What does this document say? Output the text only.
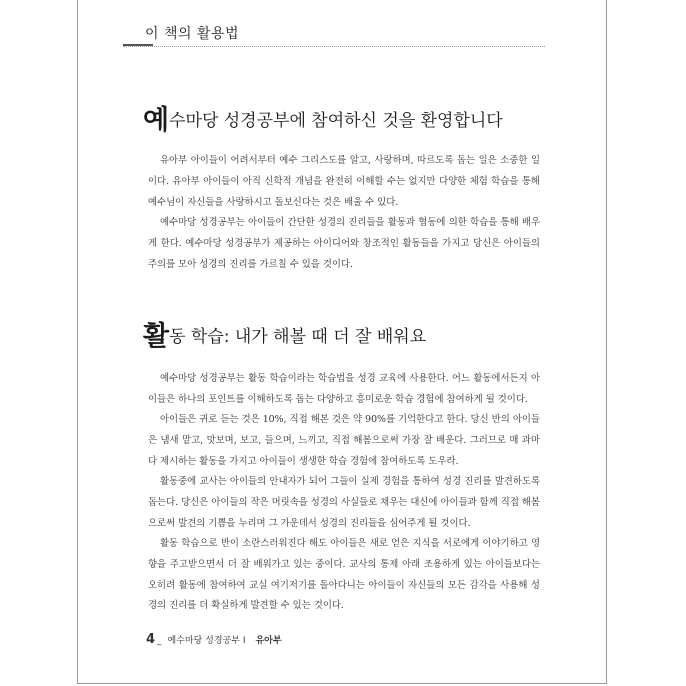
이 책의 활용법
예수마당 성경공부에 참여하신 것을 환영합니다

유아부 아이들이 어려서부터 예수 그리스도를 알고, 사랑하며, 따르도록 돕는 일은 소중한 일이다. 유아부 아이들이 아직 신학적 개념을 완전히 이해할 수는 없지만 다양한 체험 학습을 통해 예수님이 자신들을 사랑하시고 돌보신다는 것은 배울 수 있다.

예수마당 성경공부는 아이들이 간단한 성경의 진리들을 활동과 협동에 의한 학습을 통해 배우게 한다. 예수마당 성경공부가 제공하는 아이디어와 창조적인 활동들을 가지고 당신은 아이들의 주의를 모아 성경의 진리를 가르칠 수 있을 것이다.

활동 학습: 내가 해볼 때 더 잘 배워요

예수마당 성경공부는 활동 학습이라는 학습법을 성경 교육에 사용한다. 어느 활동에서든지 아이들은 하나의 포인트를 이해하도록 돕는 다양하고 흥미로운 학습 경험에 참여하게 될 것이다.

아이들은 귀로 듣는 것은 10%, 직접 해본 것은 약 90%를 기억한다고 한다. 당신 반의 아이들은 냄새 맡고, 맛보며, 보고, 들으며, 느끼고, 직접 해봄으로써 가장 잘 배운다. 그러므로 매 과마다 제시하는 활동을 가지고 아이들이 생생한 학습 경험에 참여하도록 도우라.

활동중에 교사는 아이들의 안내자가 되어 그들이 실제 경험을 통하여 성경 진리를 발견하도록 돕는다. 당신은 아이들의 작은 머릿속을 성경의 사실들로 채우는 대신에 아이들과 함께 직접 해봄으로써 발견의 기쁨을 누리며 그 가운데서 성경의 진리들을 심어주게 될 것이다.

활동 학습으로 반이 소란스러워진다 해도 아이들은 새로 얻은 지식을 서로에게 이야기하고 영향을 주고받으면서 더 잘 배워가고 있는 중이다. 교사의 통제 아래 조용하게 있는 아이들보다는 오히려 활동에 참여하여 교실 여기저기를 돌아다니는 아이들이 자신들의 모든 감각을 사용해 성경의 진리를 더 확실하게 발견할 수 있는 것이다.

4 _ 예수마당 성경공부 I 유아부
